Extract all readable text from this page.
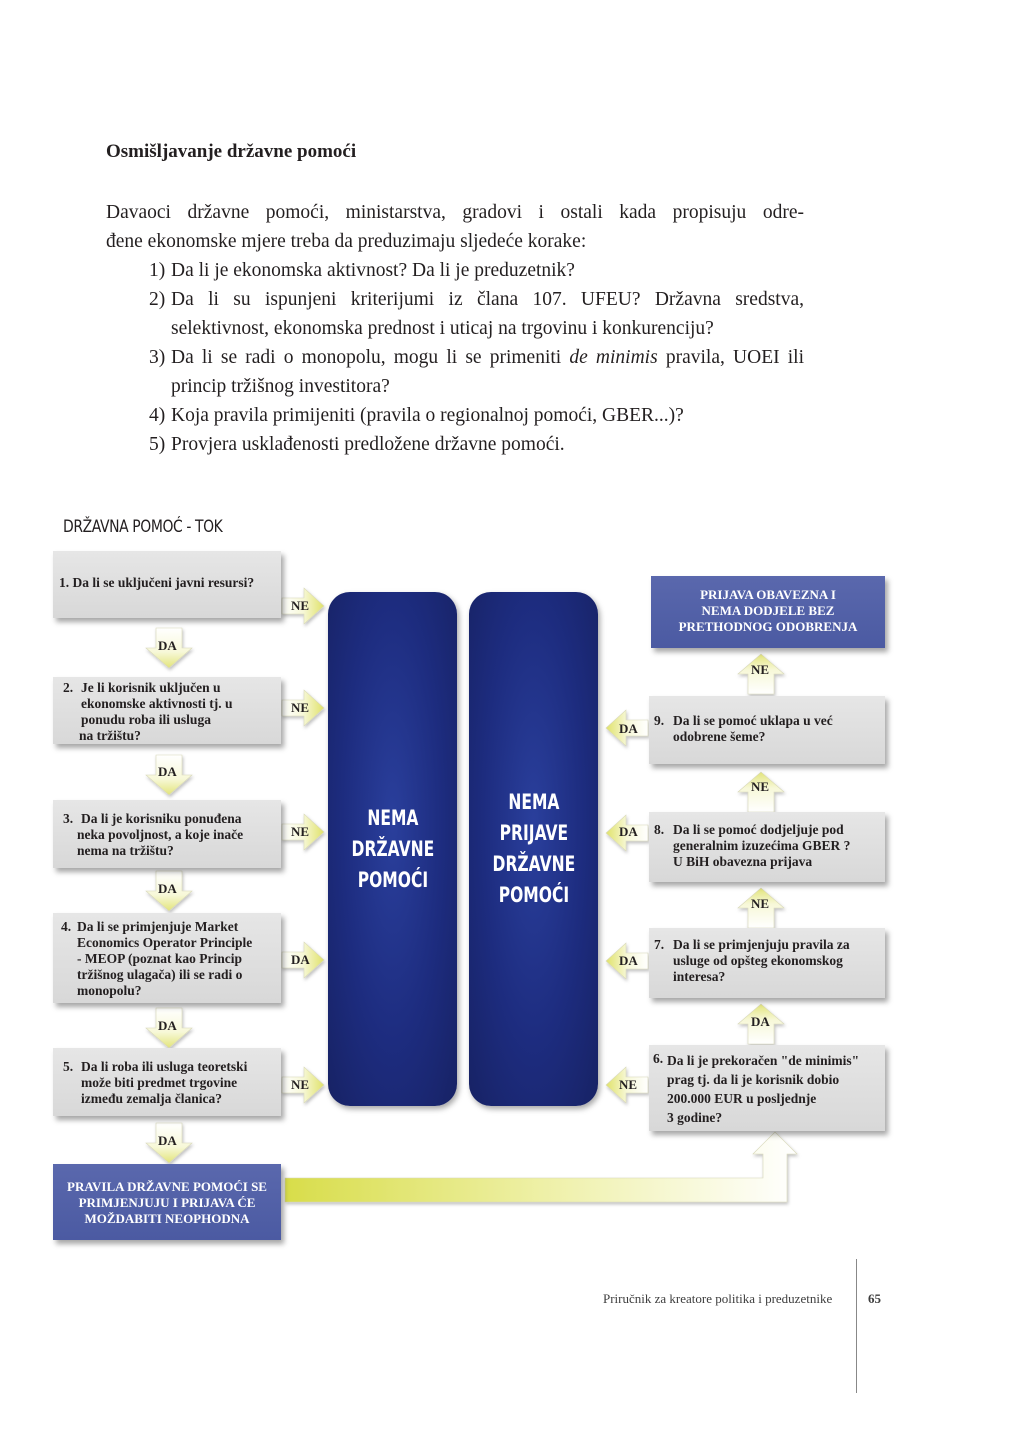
Osmišljavanje državne pomoći

Davaoci državne pomoći, ministarstva, gradovi i ostali kada propisuju odre-

đene ekonomske mjere treba da preduzimaju sljedeće korake:

1) Da li je ekonomska aktivnost? Da li je preduzetnik?
2) Da li su ispunjeni kriterijumi iz člana 107. UFEU? Državna sredstva, selektivnost, ekonomska prednost i uticaj na trgovinu i konkurenciju?
3) Da li se radi o monopolu, mogu li se primeniti de minimis pravila, UOEI ili princip tržišnog investitora?
4) Koja pravila primijeniti (pravila o regionalnoj pomoći, GBER...)?
5) Provjera usklađenosti predložene državne pomoći.
DRŽAVNA POMOĆ - TOK
1. Da li se uključeni javni resursi?
2. Je li korisnik uključen u
ekonomske aktivnosti tj. u
ponudu roba ili usluga
na tržištu?
3. Da li je korisniku ponuđena
neka povoljnost, a koje inače
nema na tržištu?
4. Da li se primjenjuje Market
Economics Operator Principle
- MEOP (poznat kao Princip
tržišnog ulagača) ili se radi o
monopolu?
5. Da li roba ili usluga teoretski
može biti predmet trgovine
između zemalja članica?
NE
NE
NE
DA
NE
DA
DA
DA
DA
DA
PRAVILA DRŽAVNE POMOĆI SE
PRIMJENJUJU I PRIJAVA ĆE
MOŽDABITI NEOPHODNA
NEMA
DRŽAVNE
POMOĆI
NEMA
PRIJAVE
DRŽAVNE
POMOĆI
PRIJAVA OBAVEZNA I
NEMA DODJELE BEZ
PRETHODNOG ODOBRENJA
9. Da li se pomoć uklapa u već
odobrene šeme?
8. Da li se pomoć dodjeljuje pod
generalnim izuzećima GBER ?
U BiH obavezna prijava
7. Da li se primjenjuju pravila za
usluge od opšteg ekonomskog
interesa?
6. Da li je prekoračen "de minimis"
prag tj. da li je korisnik dobio
200.000 EUR u posljednje
3 godine?
DA
DA
DA
NE
NE
NE
NE
DA
Priručnik za kreatore politika i preduzetnike	65
